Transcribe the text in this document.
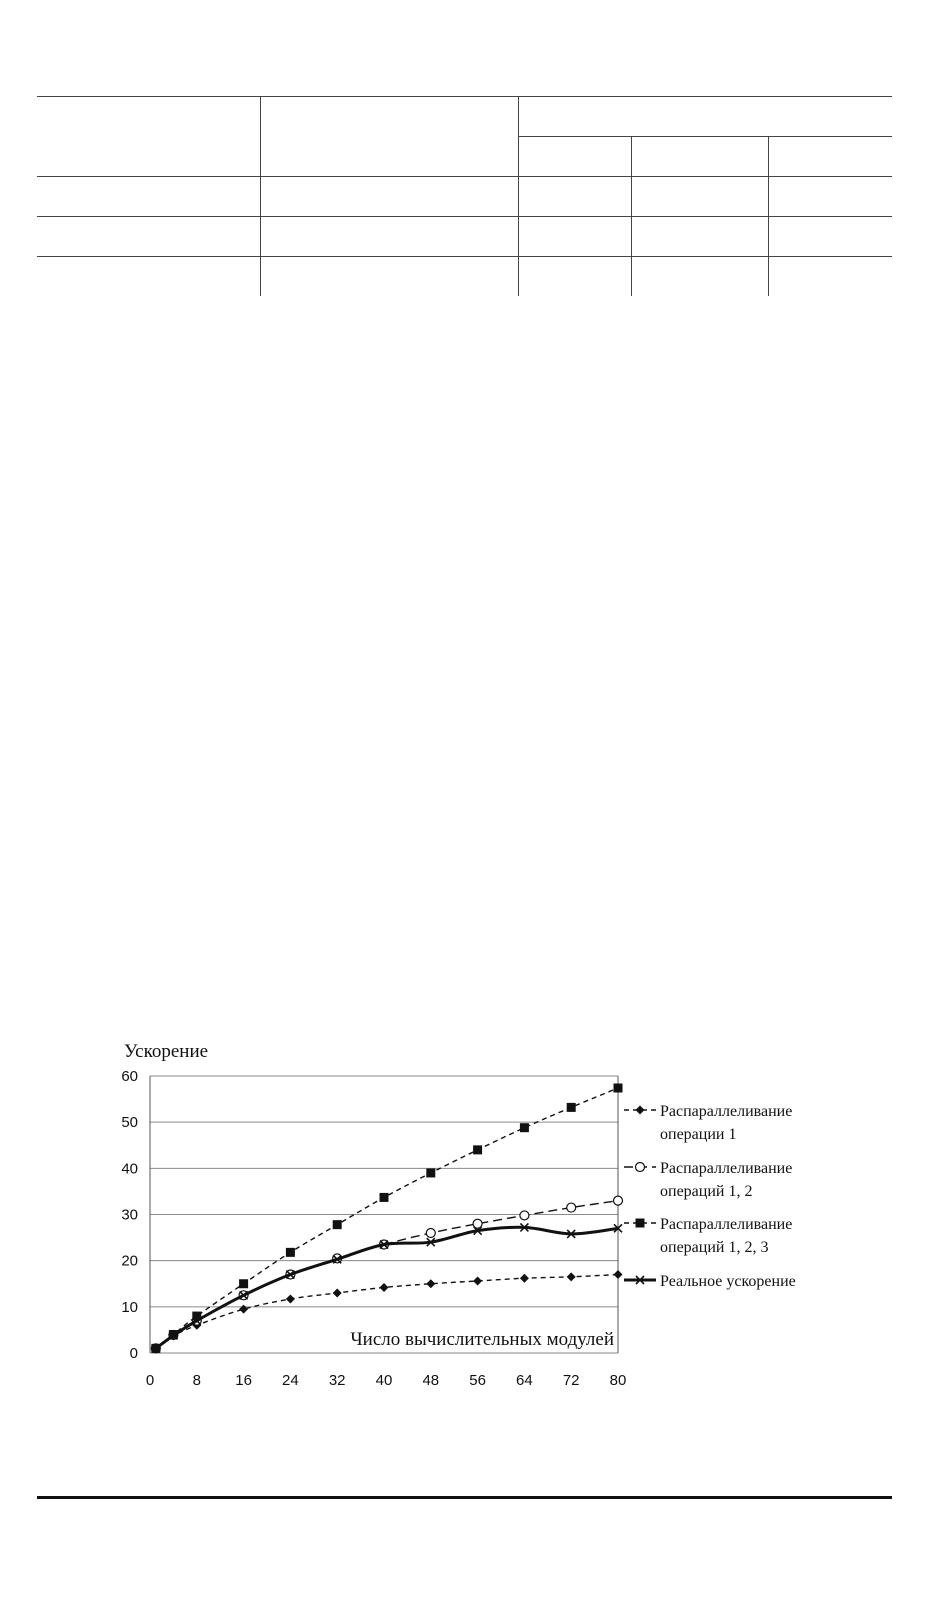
0
10
20
30
40
50
60
0	8 16 24 32 40 48 56 64 72 80
Ускорение
Число вычислительных модулей
Распараллеливание
операции 1
Распараллеливание
операций 1, 2
Распараллеливание
операций 1, 2, 3
Реальное ускорение
